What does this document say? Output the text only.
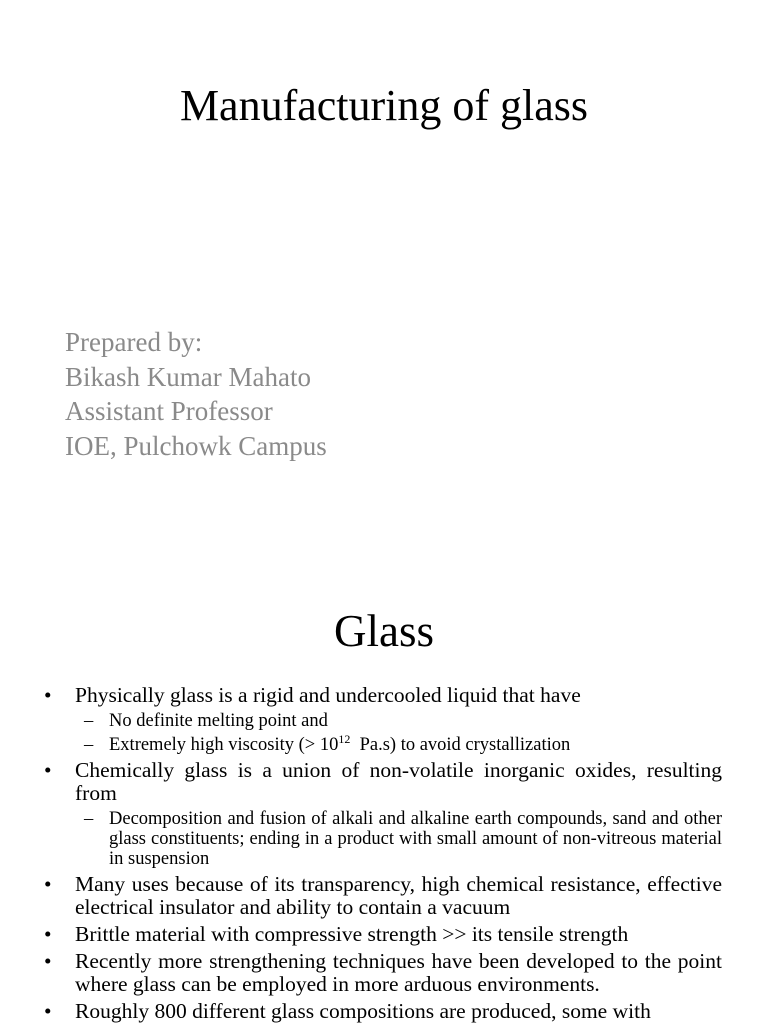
Manufacturing of glass
Prepared by:
Bikash Kumar Mahato
Assistant Professor
IOE, Pulchowk Campus
Glass
• Physically glass is a rigid and undercooled liquid that have
– No definite melting point and
– Extremely high viscosity (> $10^{12}$  Pa.s) to avoid crystallization
• Chemically glass is a union of non-volatile inorganic oxides, resulting from
– Decomposition and fusion of alkali and alkaline earth compounds, sand and other glass constituents; ending in a product with small amount of non-vitreous material in suspension
• Many uses because of its transparency, high chemical resistance, effective electrical insulator and ability to contain a vacuum
• Brittle material with compressive strength >> its tensile strength
• Recently more strengthening techniques have been developed to the point where glass can be employed in more arduous environments.
• Roughly 800 different glass compositions are produced, some with
